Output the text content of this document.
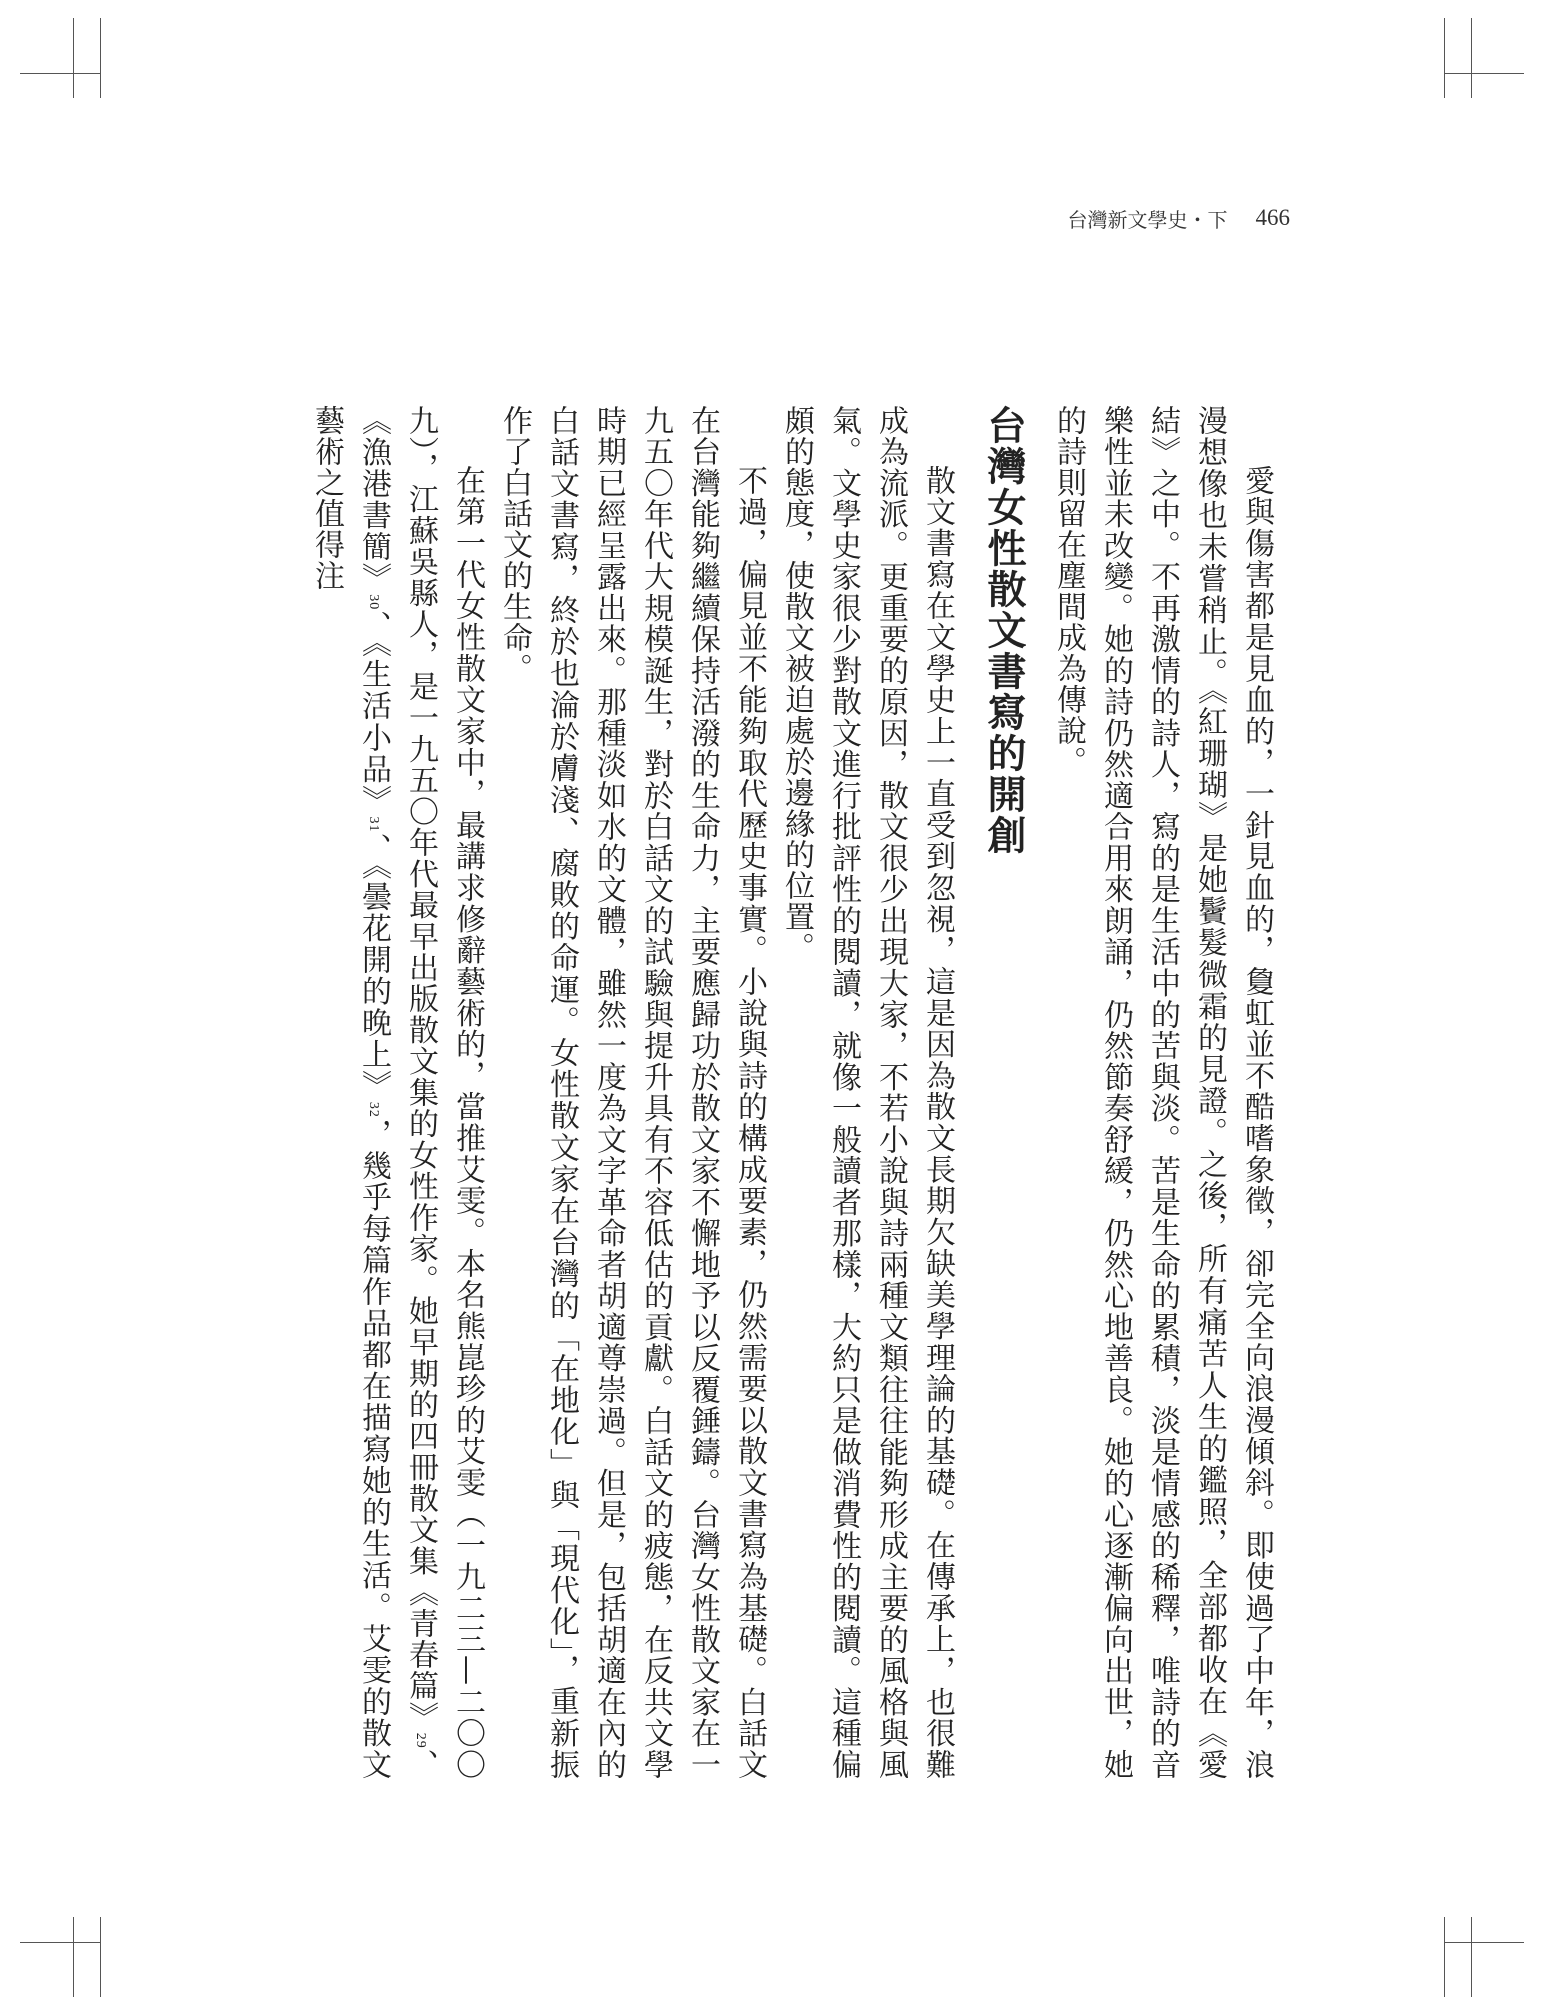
台灣新文學史・下 466

愛與傷害都是見血的，一針見血的，敻虹並不酷嗜象徵，卻完全向浪漫傾斜。即使過了中年，浪漫想像也未嘗稍止。《紅珊瑚》是她鬢髮微霜的見證。之後，所有痛苦人生的鑑照，全部都收在《愛結》之中。不再激情的詩人，寫的是生活中的苦與淡。苦是生命的累積，淡是情感的稀釋，唯詩的音樂性並未改變。她的詩仍然適合用來朗誦，仍然節奏舒緩，仍然心地善良。她的心逐漸偏向出世，她的詩則留在塵間成為傳說。

台灣女性散文書寫的開創

散文書寫在文學史上一直受到忽視，這是因為散文長期欠缺美學理論的基礎。在傳承上，也很難成為流派。更重要的原因，散文很少出現大家，不若小說與詩兩種文類往往能夠形成主要的風格與風氣。文學史家很少對散文進行批評性的閱讀，就像一般讀者那樣，大約只是做消費性的閱讀。這種偏頗的態度，使散文被迫處於邊緣的位置。

不過，偏見並不能夠取代歷史事實。小說與詩的構成要素，仍然需要以散文書寫為基礎。白話文在台灣能夠繼續保持活潑的生命力，主要應歸功於散文家不懈地予以反覆錘鑄。台灣女性散文家在一九五〇年代大規模誕生，對於白話文的試驗與提升具有不容低估的貢獻。白話文的疲態，在反共文學時期已經呈露出來。那種淡如水的文體，雖然一度為文字革命者胡適尊崇過。但是，包括胡適在內的白話文書寫，終於也淪於膚淺、腐敗的命運。女性散文家在台灣的「在地化」與「現代化」，重新振作了白話文的生命。

在第一代女性散文家中，最講求修辭藝術的，當推艾雯。本名熊崑珍的艾雯（一九二三—二〇〇九），江蘇吳縣人，是一九五〇年代最早出版散文集的女性作家。她早期的四冊散文集《青春篇》29、《漁港書簡》30、《生活小品》31、《曇花開的晚上》32，幾乎每篇作品都在描寫她的生活。艾雯的散文藝術之值得注
